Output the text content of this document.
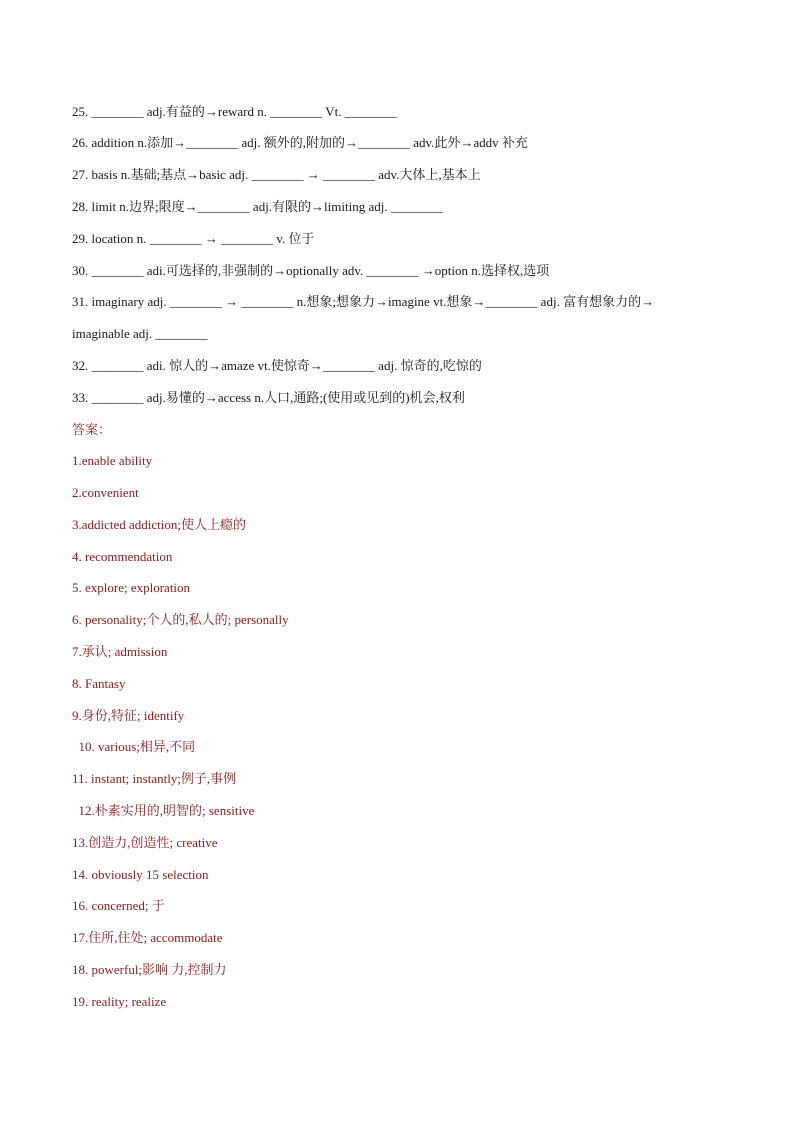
25. ________ adj.有益的→reward n. ________ Vt. ________
26. addition n.添加→________ adj. 额外的,附加的→________ adv.此外→addv 补充
27. basis n.基础;基点→basic adj. ________ → ________ adv.大体上,基本上
28. limit n.边界;限度→________ adj.有限的→limiting adj. ________
29. location n. ________ → ________ v. 位于
30. ________ adi.可选择的,非强制的→optionally adv. ________ →option n.选择权,选项
31. imaginary adj. ________ → ________ n.想象;想象力→imagine vt.想象→________ adj. 富有想象力的→
imaginable adj. ________
32. ________ adi. 惊人的→amaze vt.使惊奇→________ adj. 惊奇的,吃惊的
33. ________ adj.易懂的→access n.人口,通路;(使用或见到的)机会,权利
答案：
1.enable ability
2.convenient
3.addicted addiction;使人上瘾的
4. recommendation
5. explore; exploration
6. personality;个人的,私人的; personally
7.承认; admission
8. Fantasy
9.身份,特征; identify
10. various;相异,不同
11. instant; instantly;例子,事例
12.朴素实用的,明智的; sensitive
13.创造力,创造性; creative
14. obviously 15 selection
16. concerned; 于
17.住所,住处; accommodate
18. powerful;影响 力,控制力
19. reality; realize
